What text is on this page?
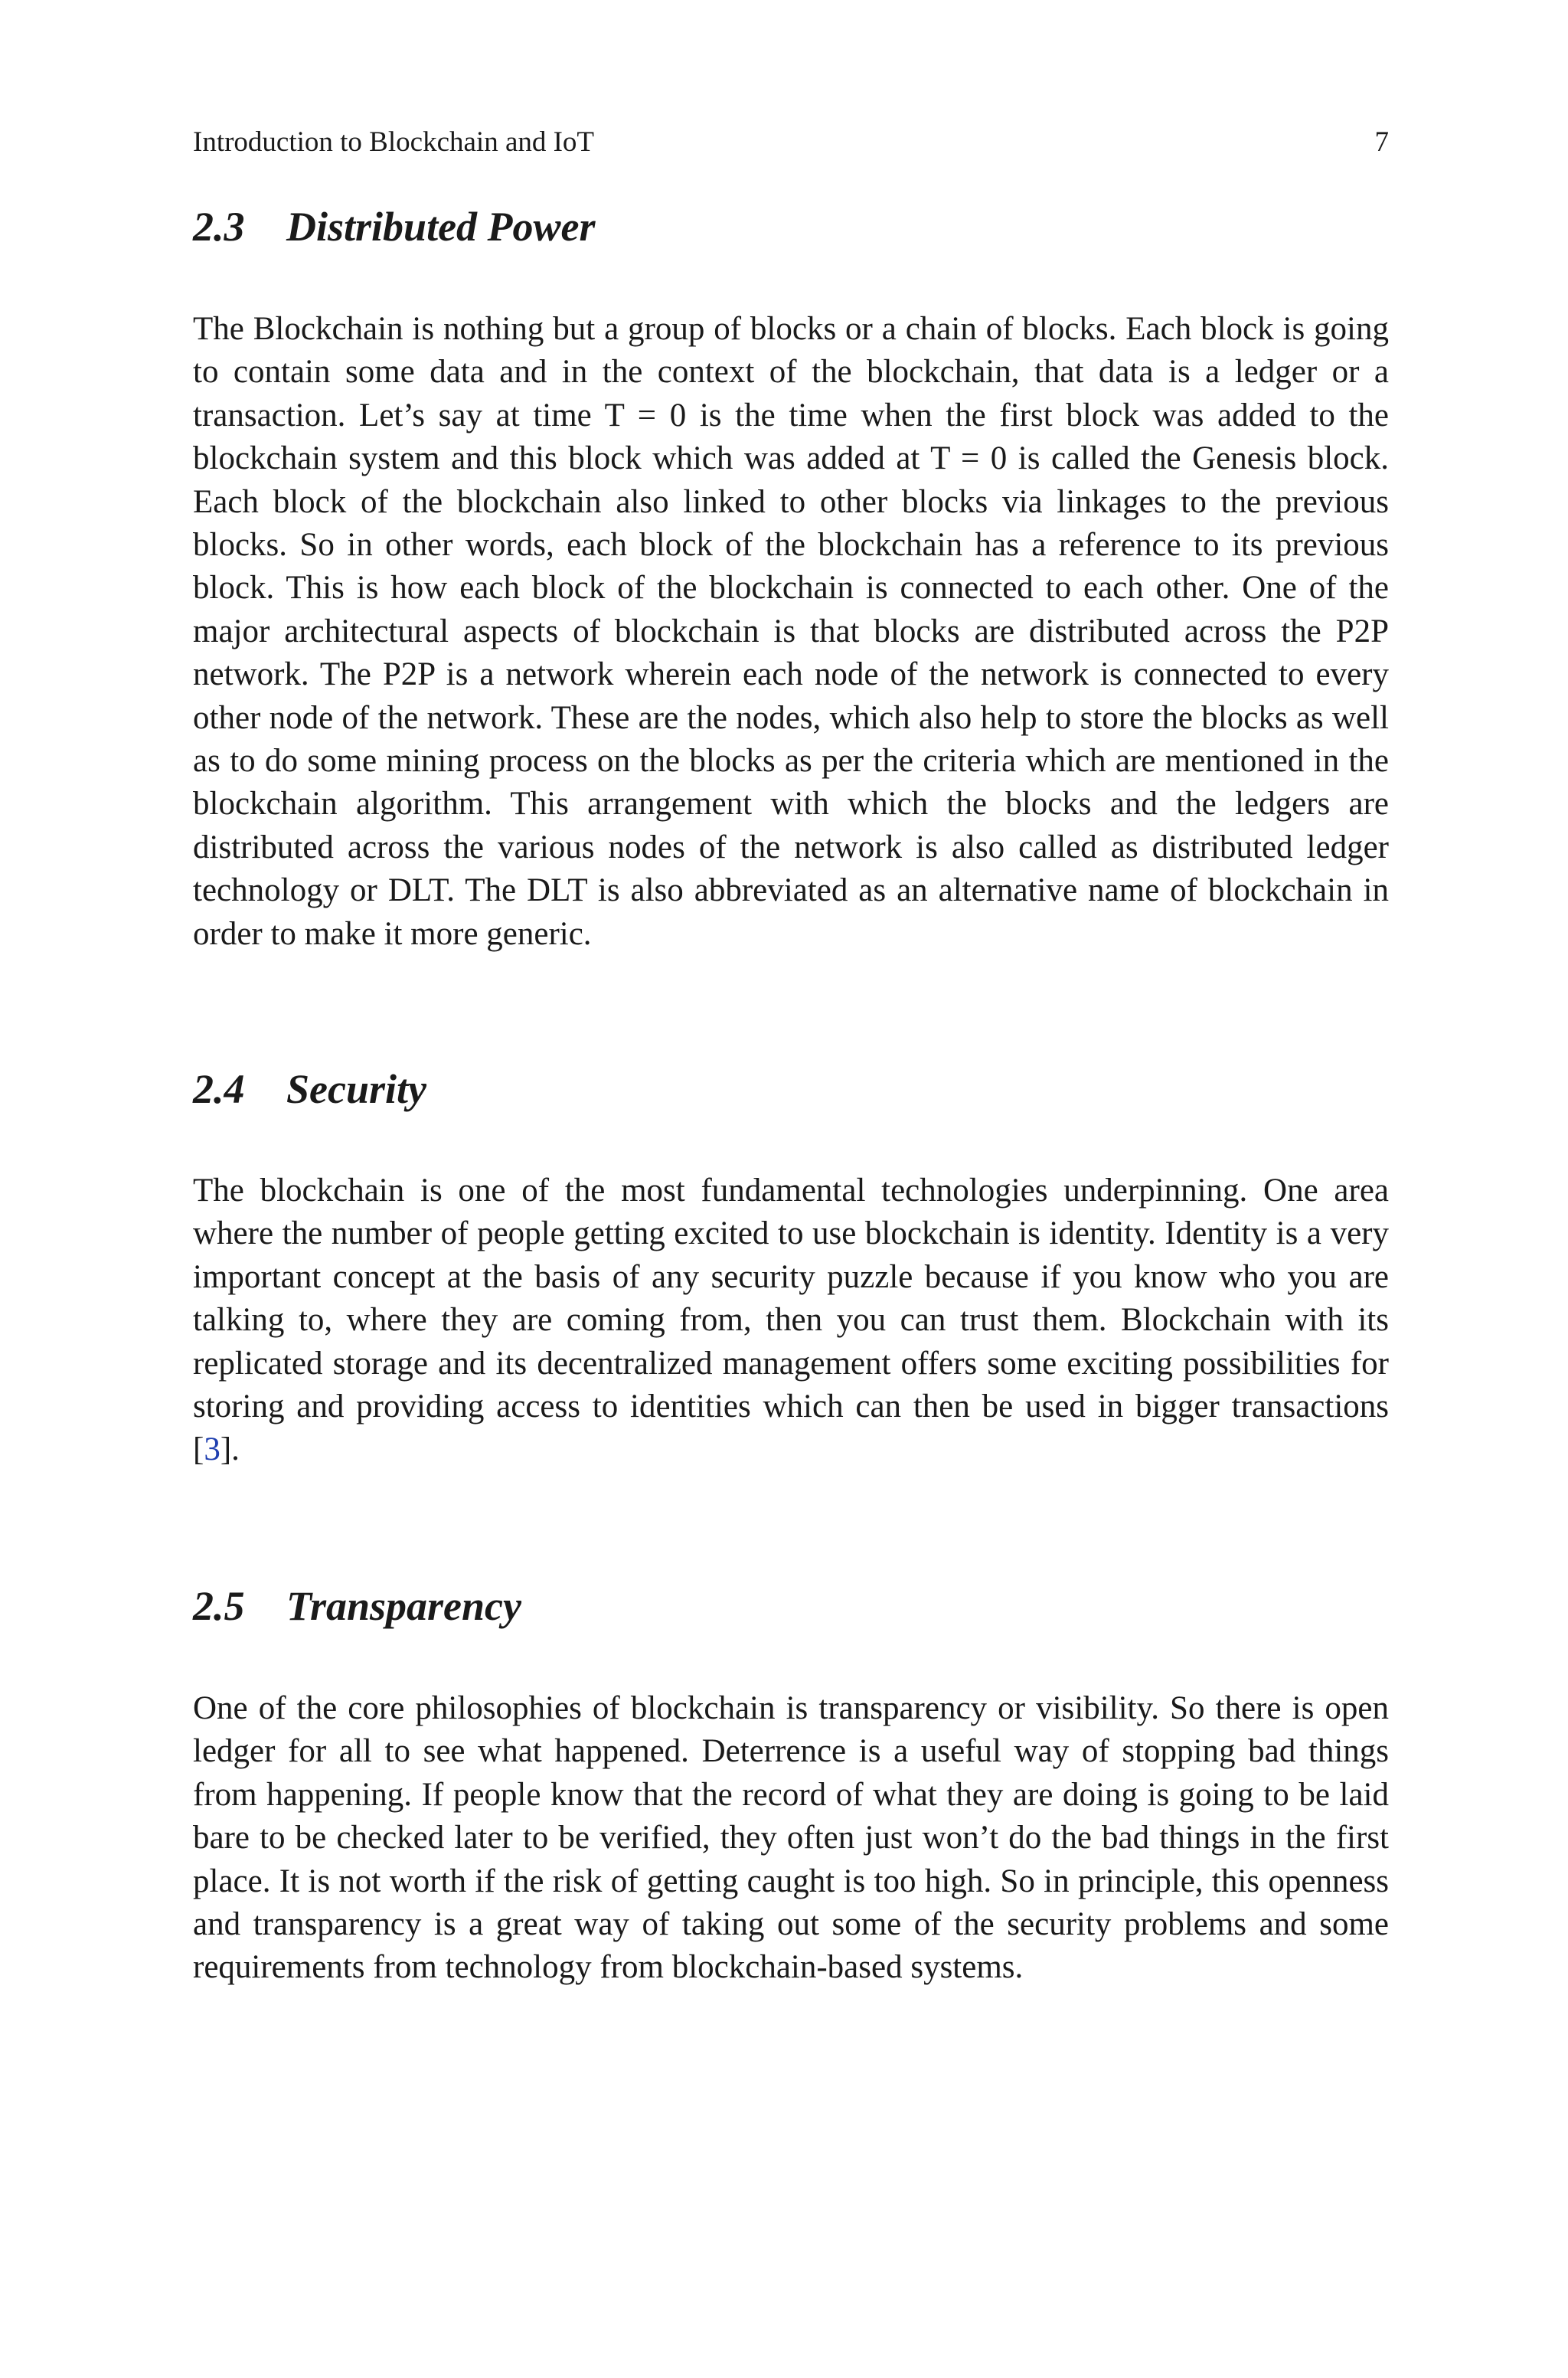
Introduction to Blockchain and IoT	7
2.3 Distributed Power

The Blockchain is nothing but a group of blocks or a chain of blocks. Each block is going to contain some data and in the context of the blockchain, that data is a ledger or a transaction. Let’s say at time T = 0 is the time when the first block was added to the blockchain system and this block which was added at T = 0 is called the Genesis block. Each block of the blockchain also linked to other blocks via linkages to the previous blocks. So in other words, each block of the blockchain has a reference to its previous block. This is how each block of the blockchain is connected to each other. One of the major architectural aspects of blockchain is that blocks are distributed across the P2P network. The P2P is a network wherein each node of the network is connected to every other node of the network. These are the nodes, which also help to store the blocks as well as to do some mining process on the blocks as per the criteria which are mentioned in the blockchain algorithm. This arrangement with which the blocks and the ledgers are distributed across the various nodes of the network is also called as distributed ledger technology or DLT. The DLT is also abbreviated as an alternative name of blockchain in order to make it more generic.

2.4 Security

The blockchain is one of the most fundamental technologies underpinning. One area where the number of people getting excited to use blockchain is identity. Identity is a very important concept at the basis of any security puzzle because if you know who you are talking to, where they are coming from, then you can trust them. Blockchain with its replicated storage and its decentralized management offers some exciting possibilities for storing and providing access to identities which can then be used in bigger transactions [3].

2.5 Transparency

One of the core philosophies of blockchain is transparency or visibility. So there is open ledger for all to see what happened. Deterrence is a useful way of stopping bad things from happening. If people know that the record of what they are doing is going to be laid bare to be checked later to be verified, they often just won’t do the bad things in the first place. It is not worth if the risk of getting caught is too high. So in principle, this openness and transparency is a great way of taking out some of the security problems and some requirements from technology from blockchain-based systems.
